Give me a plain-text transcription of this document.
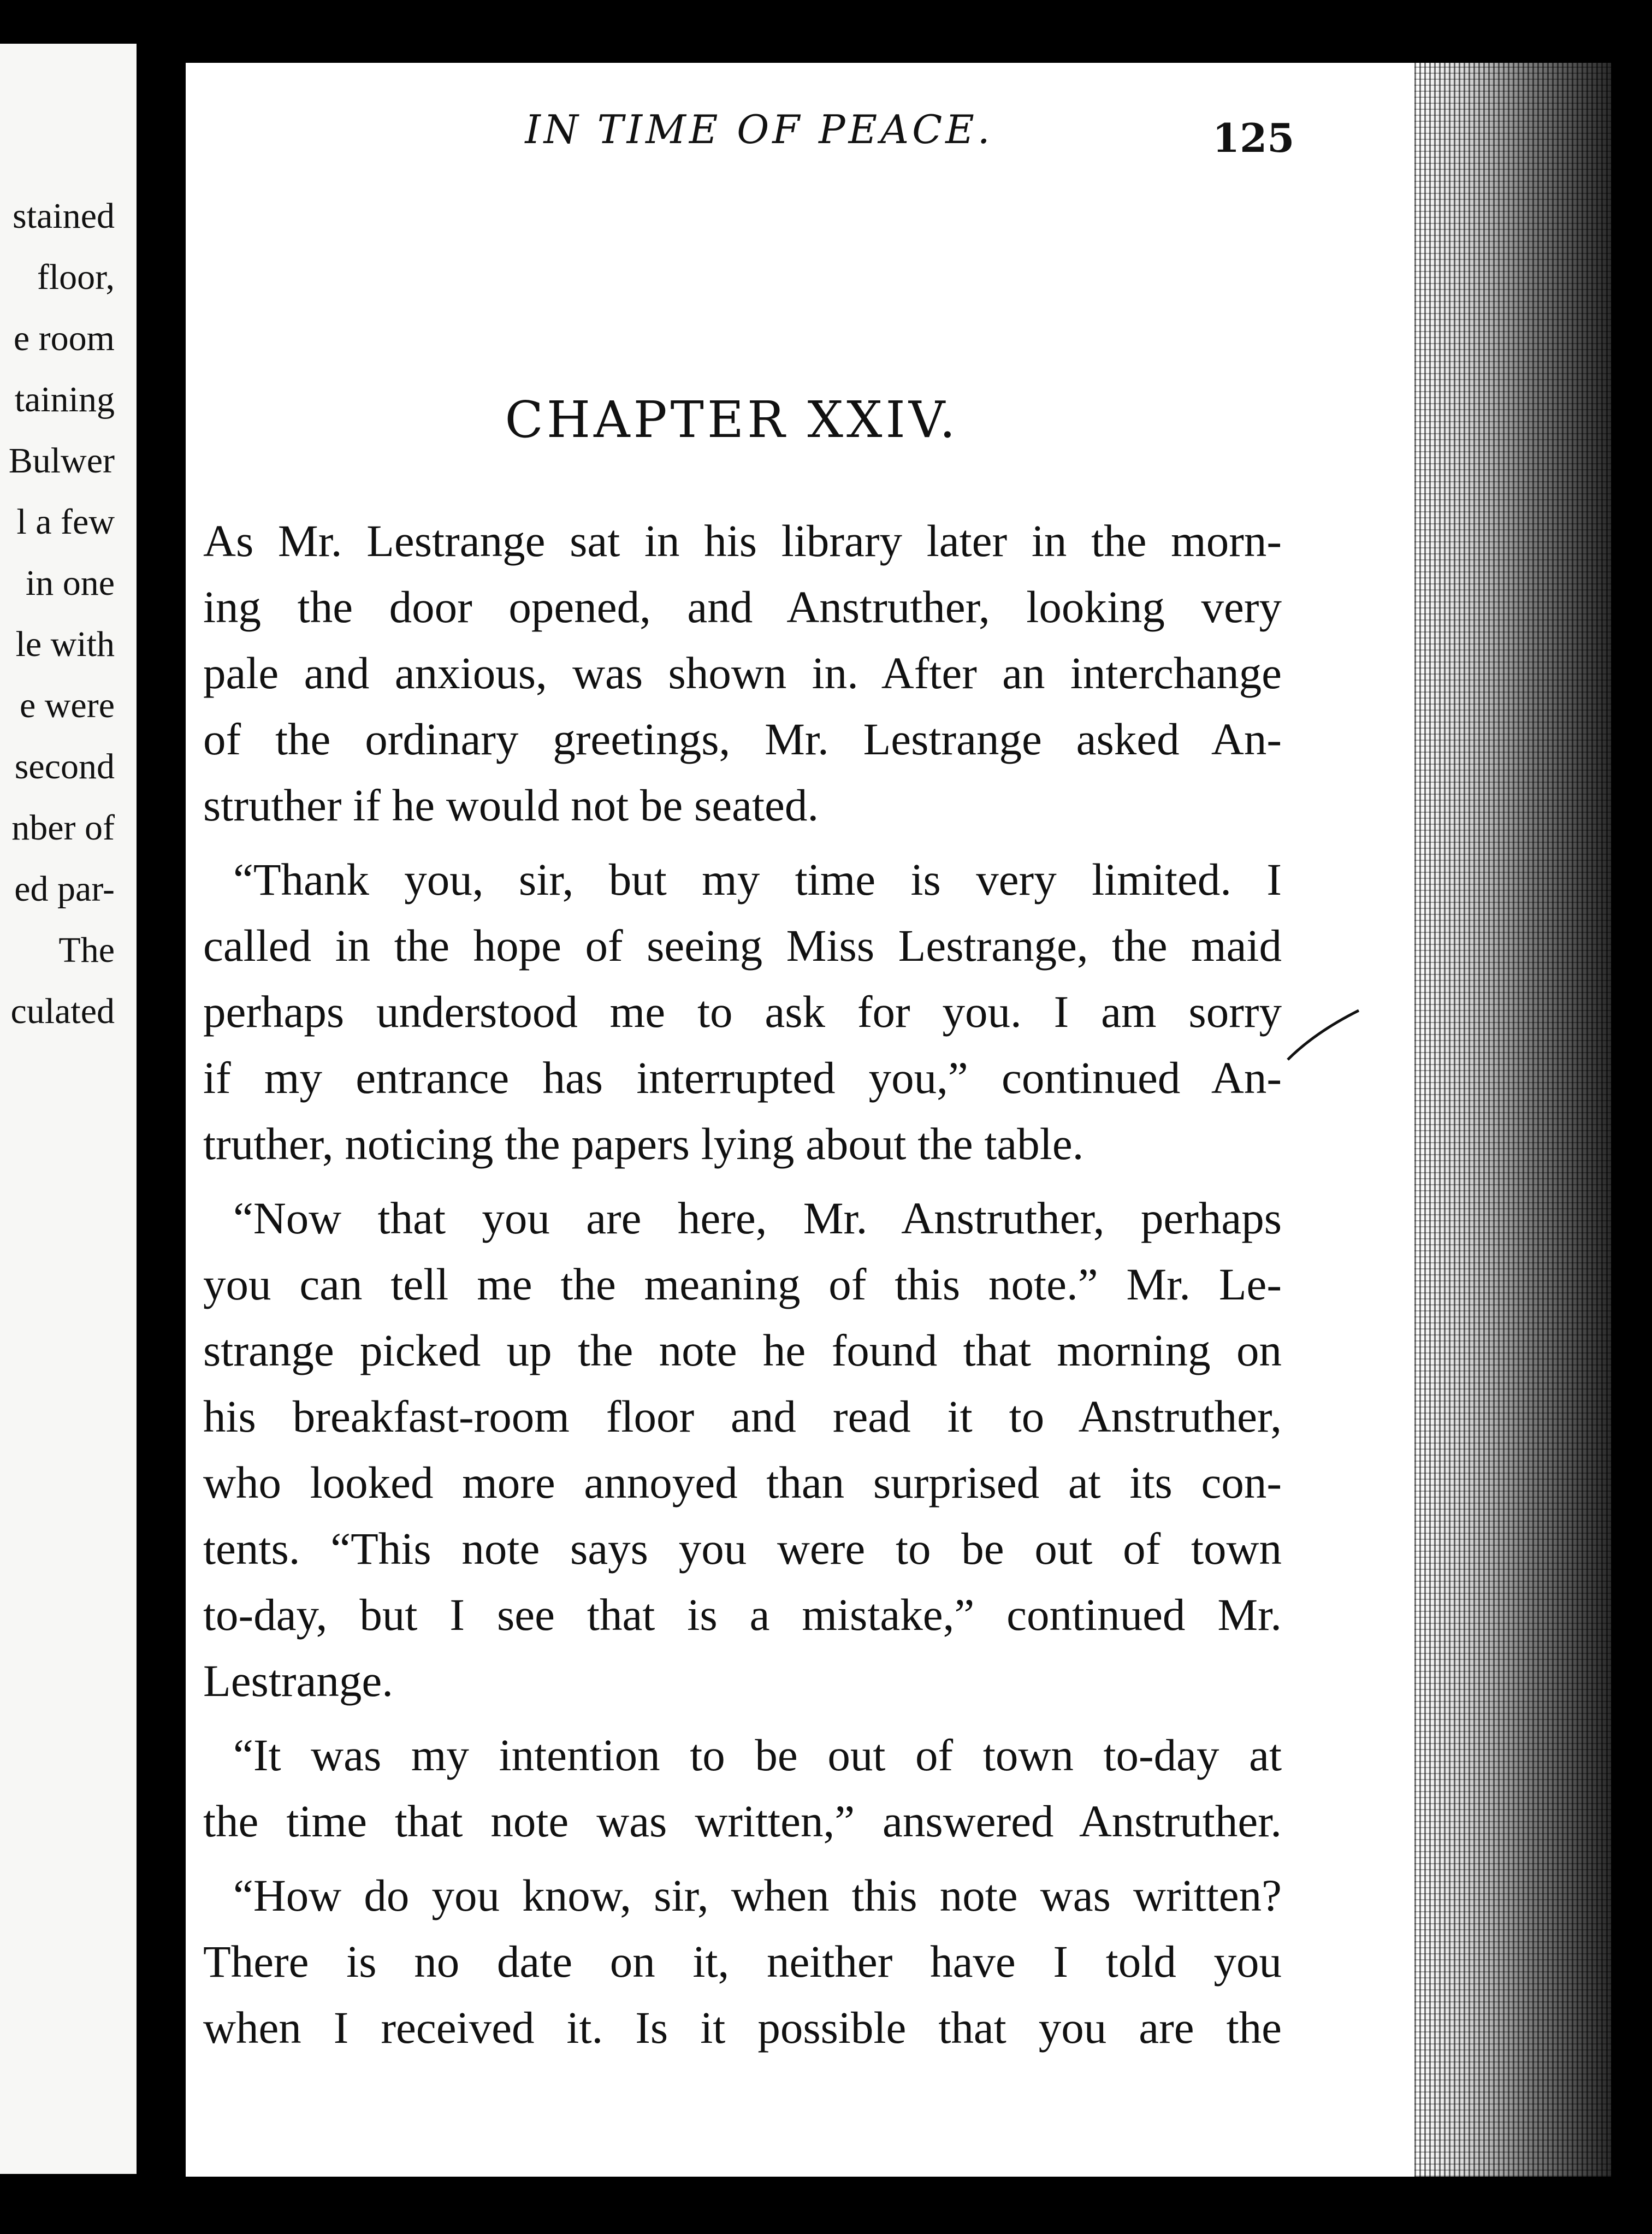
stained
floor,
e room
taining
Bulwer
l a few
in one
le with
e were
second
nber of
ed par-
The
culated
IN TIME OF PEACE.	125
CHAPTER XXIV.
As Mr. Lestrange sat in his library later in the morn-
ing the door opened, and Anstruther, looking very
pale and anxious, was shown in. After an interchange
of the ordinary greetings, Mr. Lestrange asked An-
struther if he would not be seated.
“Thank you, sir, but my time is very limited. I
called in the hope of seeing Miss Lestrange, the maid
perhaps understood me to ask for you. I am sorry
if my entrance has interrupted you,” continued An-
truther, noticing the papers lying about the table.
“Now that you are here, Mr. Anstruther, perhaps
you can tell me the meaning of this note.” Mr. Le-
strange picked up the note he found that morning on
his breakfast-room floor and read it to Anstruther,
who looked more annoyed than surprised at its con-
tents. “This note says you were to be out of town
to-day, but I see that is a mistake,” continued Mr.
Lestrange.
“It was my intention to be out of town to-day at
the time that note was written,” answered Anstruther.
“How do you know, sir, when this note was written?
There is no date on it, neither have I told you
when I received it. Is it possible that you are the
